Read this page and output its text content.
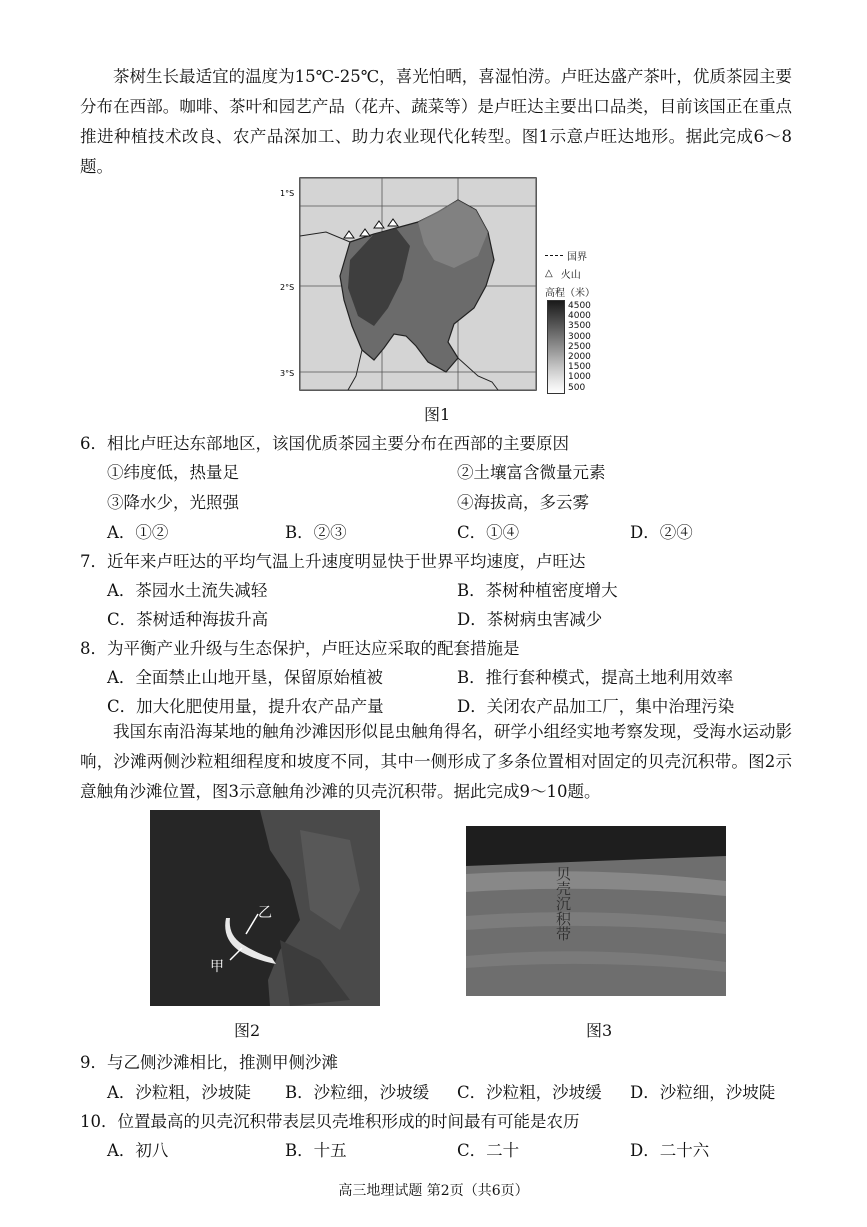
茶树生长最适宜的温度为15℃-25℃，喜光怕晒，喜湿怕涝。卢旺达盛产茶叶，优质茶园主要分布在西部。咖啡、茶叶和园艺产品（花卉、蔬菜等）是卢旺达主要出口品类，目前该国正在重点推进种植技术改良、农产品深加工、助力农业现代化转型。图1示意卢旺达地形。据此完成6～8题。
1°S
2°S
3°S
国界
△ 火山
高程（米）
4500
4000
3500
3000
2500
2000
1500
1000
500
图1
6．相比卢旺达东部地区，该国优质茶园主要分布在西部的主要原因
①纬度低，热量足	②土壤富含微量元素
③降水少，光照强	④海拔高，多云雾
A．①②	B．②③	C．①④	D．②④
7．近年来卢旺达的平均气温上升速度明显快于世界平均速度，卢旺达
A．茶园水土流失减轻	B．茶树种植密度增大
C．茶树适种海拔升高	D．茶树病虫害减少
8．为平衡产业升级与生态保护，卢旺达应采取的配套措施是
A．全面禁止山地开垦，保留原始植被	B．推行套种模式，提高土地利用效率
C．加大化肥使用量，提升农产品产量	D．关闭农产品加工厂，集中治理污染
我国东南沿海某地的触角沙滩因形似昆虫触角得名，研学小组经实地考察发现，受海水运动影响，沙滩两侧沙粒粗细程度和坡度不同，其中一侧形成了多条位置相对固定的贝壳沉积带。图2示意触角沙滩位置，图3示意触角沙滩的贝壳沉积带。据此完成9～10题。
乙
甲
图2
贝壳沉积带
图3
9．与乙侧沙滩相比，推测甲侧沙滩
A．沙粒粗，沙坡陡 B．沙粒细，沙坡缓 C．沙粒粗，沙坡缓 D．沙粒细，沙坡陡
10．位置最高的贝壳沉积带表层贝壳堆积形成的时间最有可能是农历
A．初八	B．十五	C．二十	D．二十六
高三地理试题 第2页（共6页）
